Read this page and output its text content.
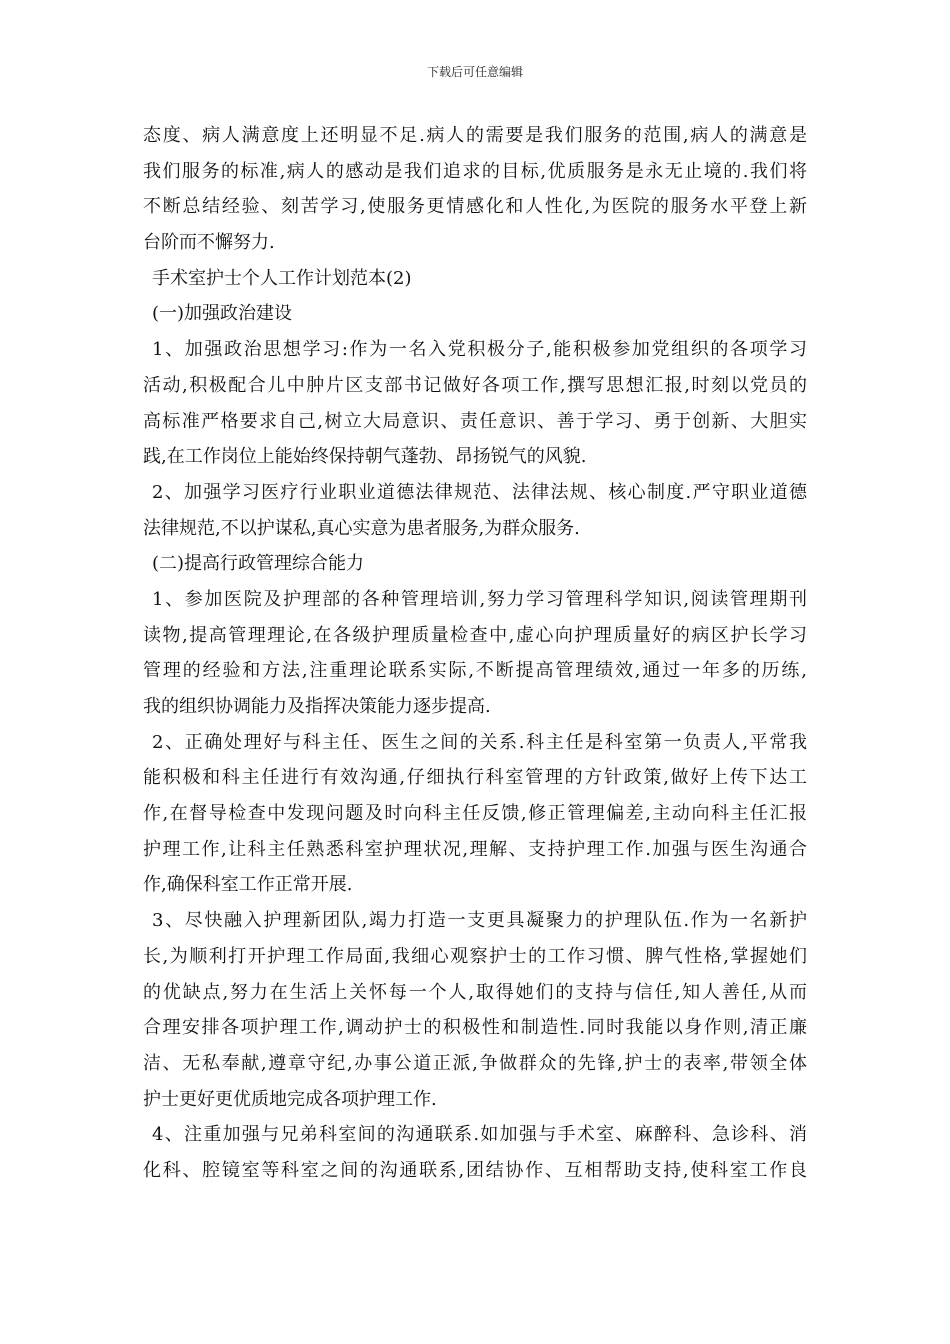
下载后可任意编辑
态度、病人满意度上还明显不足.病人的需要是我们服务的范围,病人的满意是
我们服务的标准,病人的感动是我们追求的目标,优质服务是永无止境的.我们将
不断总结经验、刻苦学习,使服务更情感化和人性化,为医院的服务水平登上新
台阶而不懈努力.
手术室护士个人工作计划范本(2)
(一)加强政治建设
1、加强政治思想学习:作为一名入党积极分子,能积极参加党组织的各项学习
活动,积极配合儿中肿片区支部书记做好各项工作,撰写思想汇报,时刻以党员的
高标准严格要求自己,树立大局意识、责任意识、善于学习、勇于创新、大胆实
践,在工作岗位上能始终保持朝气蓬勃、昂扬锐气的风貌.
2、加强学习医疗行业职业道德法律规范、法律法规、核心制度.严守职业道德
法律规范,不以护谋私,真心实意为患者服务,为群众服务.
(二)提高行政管理综合能力
1、参加医院及护理部的各种管理培训,努力学习管理科学知识,阅读管理期刊
读物,提高管理理论,在各级护理质量检查中,虚心向护理质量好的病区护长学习
管理的经验和方法,注重理论联系实际,不断提高管理绩效,通过一年多的历练,
我的组织协调能力及指挥决策能力逐步提高.
2、正确处理好与科主任、医生之间的关系.科主任是科室第一负责人,平常我
能积极和科主任进行有效沟通,仔细执行科室管理的方针政策,做好上传下达工
作,在督导检查中发现问题及时向科主任反馈,修正管理偏差,主动向科主任汇报
护理工作,让科主任熟悉科室护理状况,理解、支持护理工作.加强与医生沟通合
作,确保科室工作正常开展.
3、尽快融入护理新团队,竭力打造一支更具凝聚力的护理队伍.作为一名新护
长,为顺利打开护理工作局面,我细心观察护士的工作习惯、脾气性格,掌握她们
的优缺点,努力在生活上关怀每一个人,取得她们的支持与信任,知人善任,从而
合理安排各项护理工作,调动护士的积极性和制造性.同时我能以身作则,清正廉
洁、无私奉献,遵章守纪,办事公道正派,争做群众的先锋,护士的表率,带领全体
护士更好更优质地完成各项护理工作.
4、注重加强与兄弟科室间的沟通联系.如加强与手术室、麻醉科、急诊科、消
化科、腔镜室等科室之间的沟通联系,团结协作、互相帮助支持,使科室工作良
